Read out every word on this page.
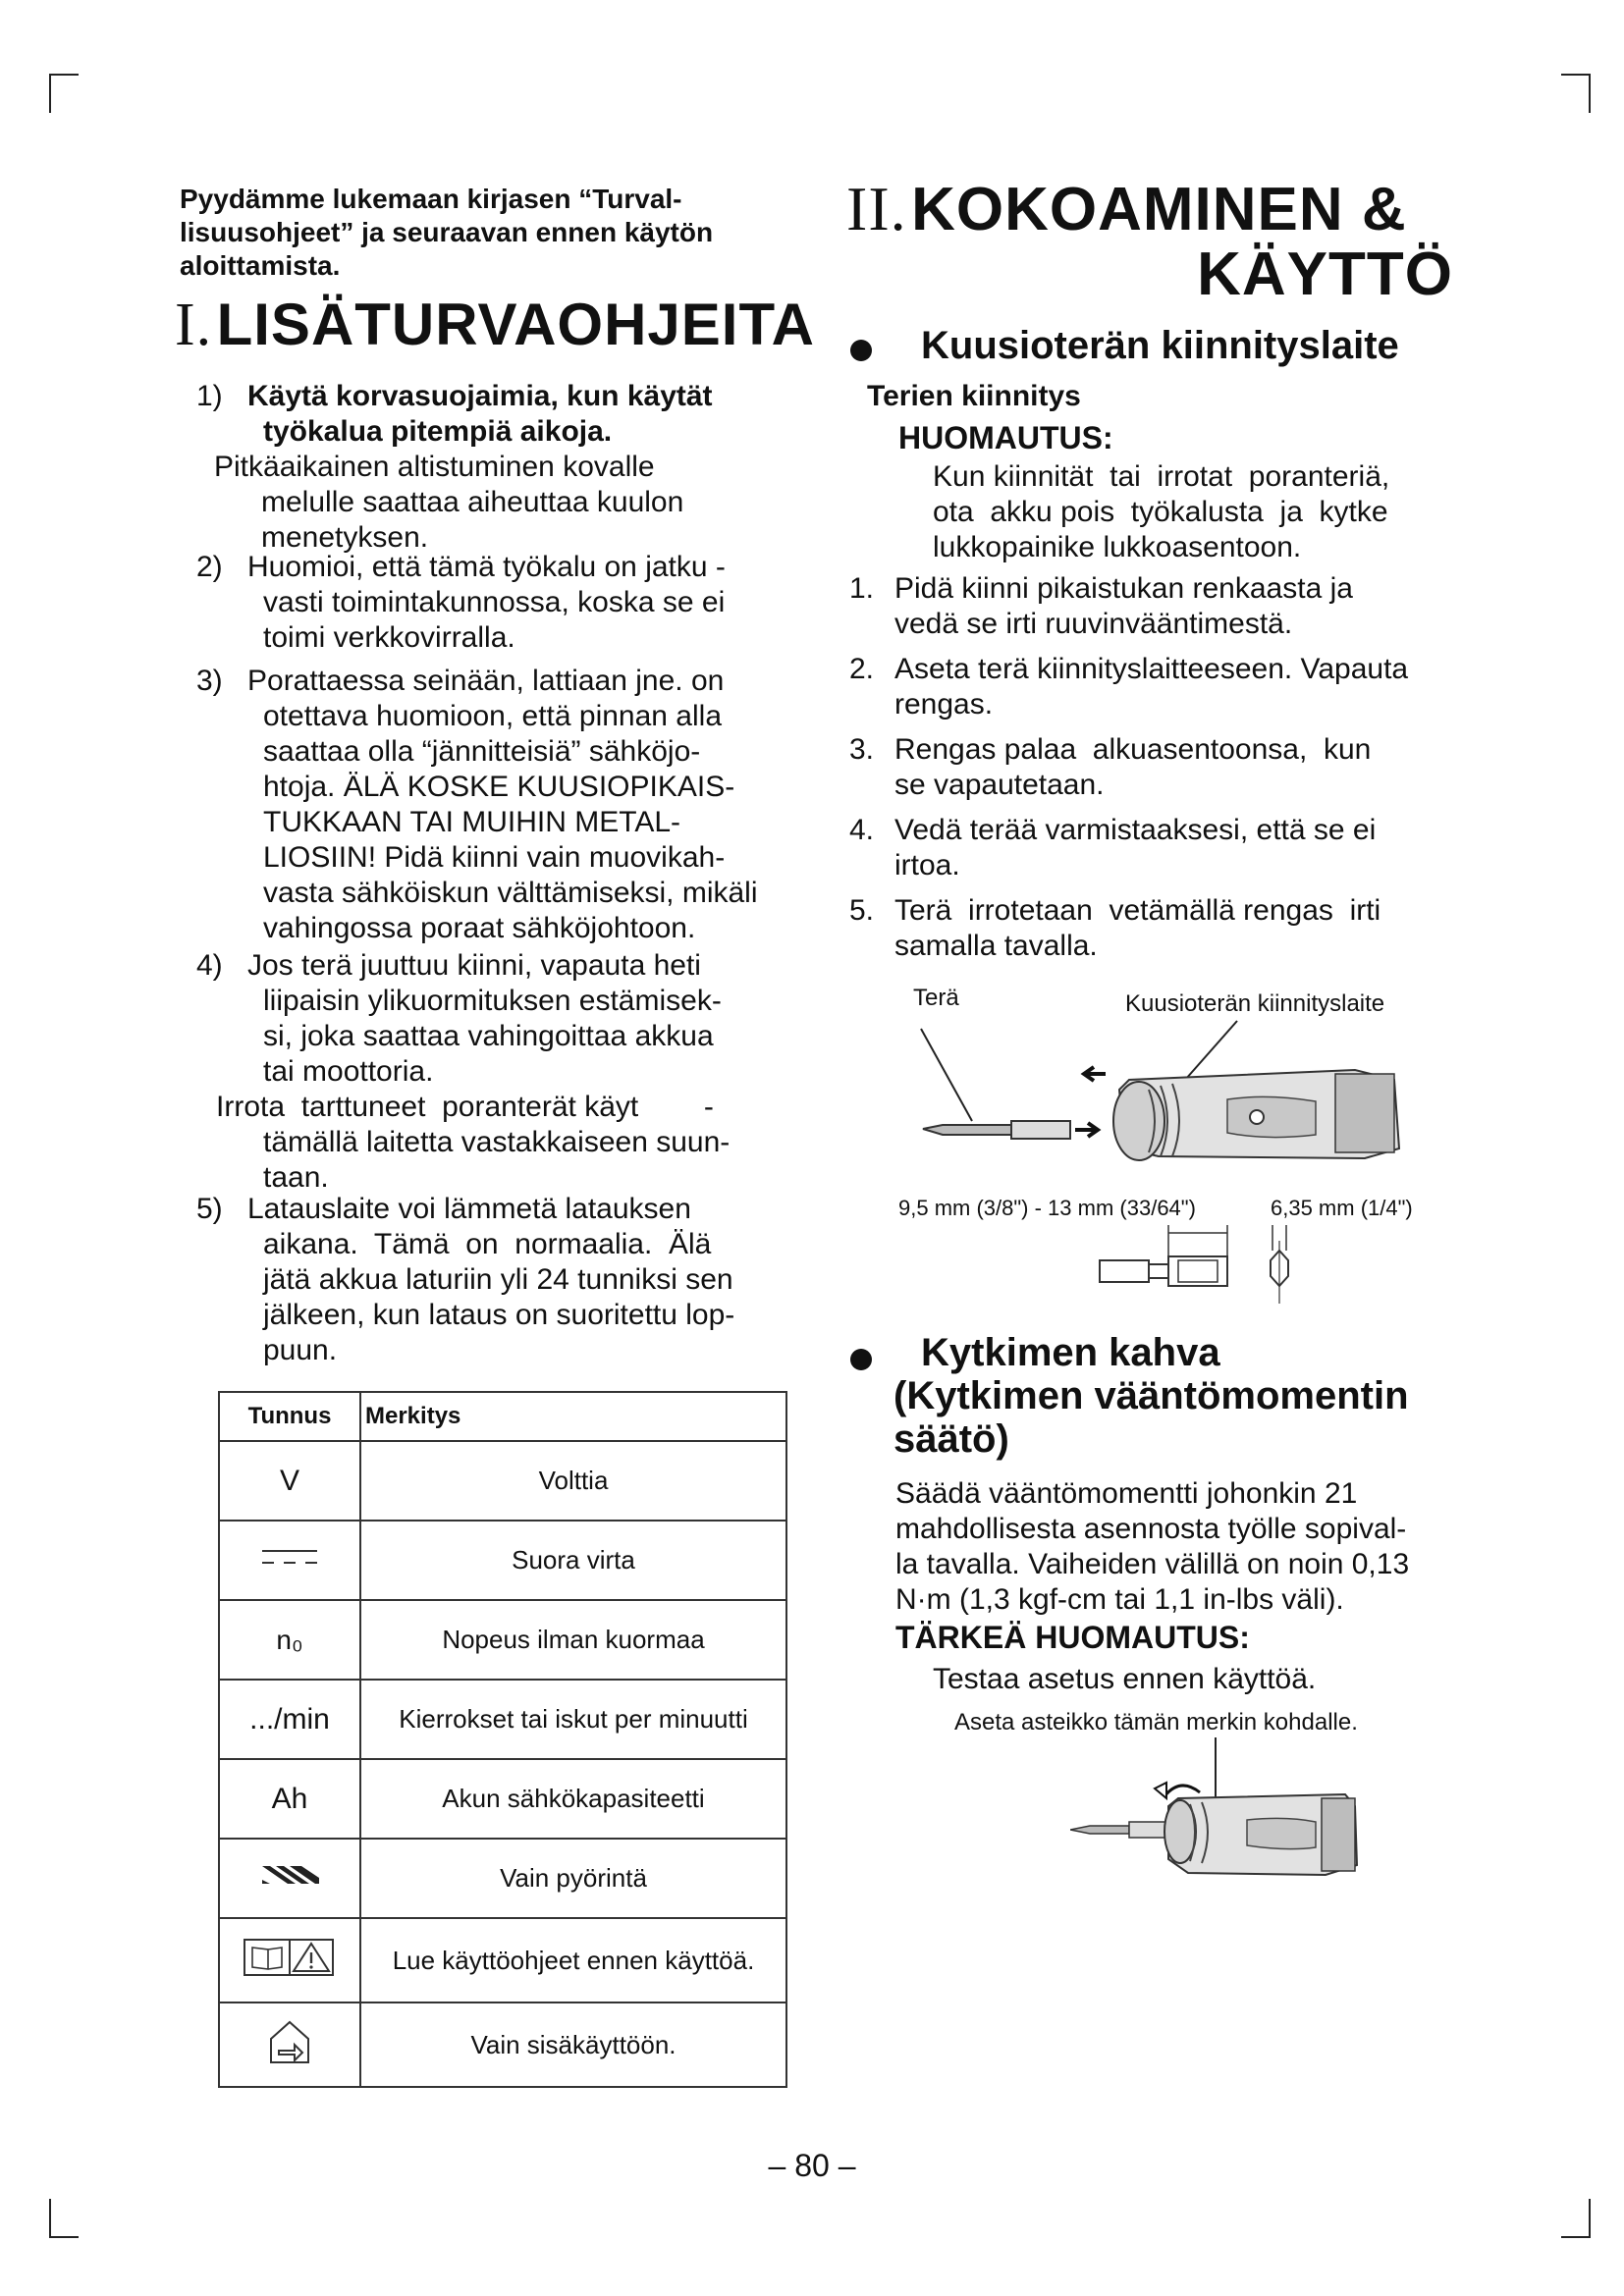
Pyydämme lukemaan kirjasen “Turval-
lisuusohjeet” ja seuraavan ennen käytön
aloittamista.
I. LISÄTURVAOHJEITA
1) Käytä korvasuojaimia, kun käytät
työkalua pitempiä aikoja.
Pitkäaikainen altistuminen kovalle
melulle saattaa aiheuttaa kuulon
menetyksen.
2) Huomioi, että tämä työkalu on jatku -
vasti toimintakunnossa, koska se ei
toimi verkkovirralla.
3) Porattaessa seinään, lattiaan jne. on
otettava huomioon, että pinnan alla
saattaa olla “jännitteisiä” sähköjo-
htoja. ÄLÄ KOSKE KUUSIOPIKAIS-
TUKKAAN TAI MUIHIN METAL-
LIOSIIN! Pidä kiinni vain muovikah-
vasta sähköiskun välttämiseksi, mikäli
vahingossa poraat sähköjohtoon.
4) Jos terä juuttuu kiinni, vapauta heti
liipaisin ylikuormituksen estämisek-
si, joka saattaa vahingoittaa akkua
tai moottoria.
Irrota  tarttuneet  poranterät käyt        -
tämällä laitetta vastakkaiseen suun-
taan.
5) Latauslaite voi lämmetä latauksen
aikana.  Tämä  on  normaalia.  Älä
jätä akkua laturiin yli 24 tunniksi sen
jälkeen, kun lataus on suoritettu lop-
puun.
Tunnus	Merkitys
V	Volttia
	Suora virta
n₀	Nopeus ilman kuormaa
.../min	Kierrokset tai iskut per minuutti
Ah	Akun sähkökapasiteetti
	Vain pyörintä
	Lue käyttöohjeet ennen käyttöä.
	Vain sisäkäyttöön.
II. KOKOAMINEN &
KÄYTTÖ
Kuusioterän kiinnityslaite
Terien kiinnitys
HUOMAUTUS:
Kun kiinnität  tai  irrotat  poranteriä,
ota  akku pois  työkalusta  ja  kytke
lukkopainike lukkoasentoon.
1. Pidä kiinni pikaistukan renkaasta ja
vedä se irti ruuvinvääntimestä.
2. Aseta terä kiinnityslaitteeseen. Vapauta
rengas.
3. Rengas palaa  alkuasentoonsa,  kun
se vapautetaan.
4. Vedä terää varmistaaksesi, että se ei
irtoa.
5. Terä  irrotetaan  vetämällä rengas  irti
samalla tavalla.
Terä	Kuusioterän kiinnityslaite
9,5 mm (3/8") - 13 mm (33/64")	6,35 mm (1/4")
Kytkimen kahva
(Kytkimen vääntömomentin
säätö)
Säädä vääntömomentti johonkin 21
mahdollisesta asennosta työlle sopival-
la tavalla. Vaiheiden välillä on noin 0,13
N·m (1,3 kgf-cm tai 1,1 in-lbs väli).
TÄRKEÄ HUOMAUTUS:
Testaa asetus ennen käyttöä.
Aseta asteikko tämän merkin kohdalle.
– 80 –
